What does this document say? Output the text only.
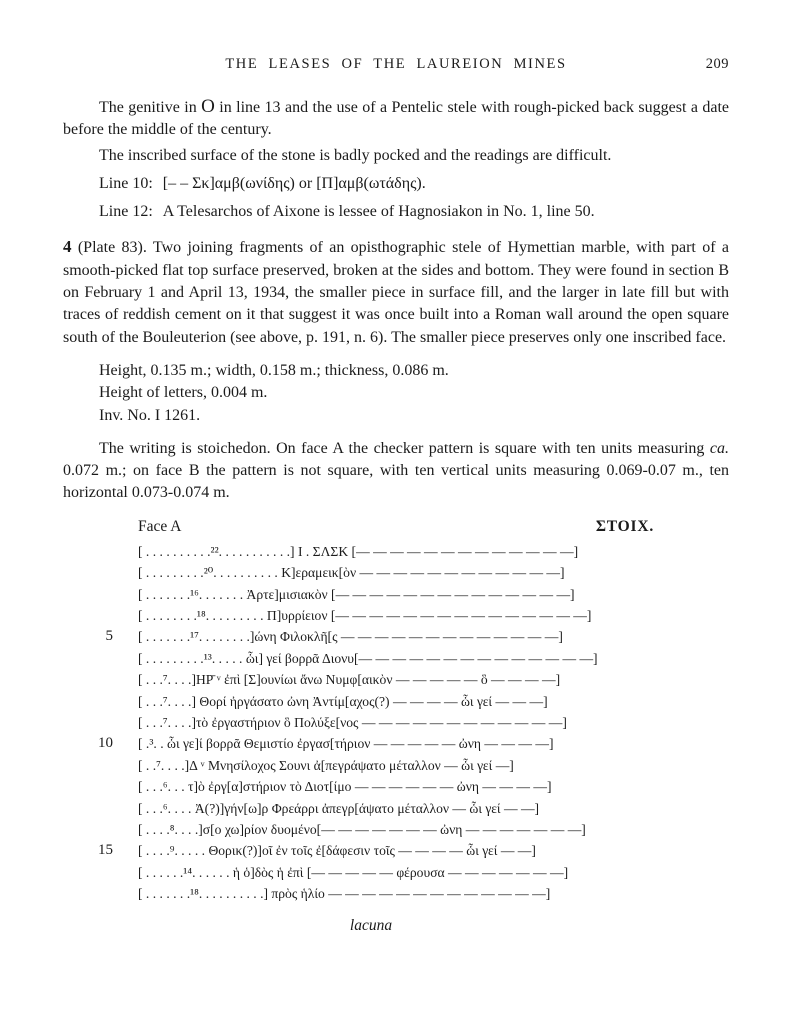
THE LEASES OF THE LAUREION MINES	209

The genitive in Ο in line 13 and the use of a Pentelic stele with rough-picked back suggest a date before the middle of the century.

The inscribed surface of the stone is badly pocked and the readings are difficult.

Line 10: [– – Σκ]αμβ(ωνίδης) or [Π]αμβ(ωτάδης).
Line 12: A Telesarchos of Aixone is lessee of Hagnosiakon in No. 1, line 50.

4 (Plate 83). Two joining fragments of an opisthographic stele of Hymettian marble, with part of a smooth-picked flat top surface preserved, broken at the sides and bottom. They were found in section B on February 1 and April 13, 1934, the smaller piece in surface fill, and the larger in late fill but with traces of reddish cement on it that suggest it was once built into a Roman wall around the open square south of the Bouleuterion (see above, p. 191, n. 6). The smaller piece preserves only one inscribed face.

Height, 0.135 m.; width, 0.158 m.; thickness, 0.086 m.
Height of letters, 0.004 m.
Inv. No. I 1261.

The writing is stoichedon. On face A the checker pattern is square with ten units measuring ca. 0.072 m.; on face B the pattern is not square, with ten vertical units measuring 0.069-0.07 m., ten horizontal 0.073-0.074 m.

Face A	ΣΤΟΙΧ.
[ . . . . . . . . . .²². . . . . . . . . . .] Ι . ΣΛΣΚ [— — — — — — — — — — — — —]
[ . . . . . . . . .²⁰. . . . . . . . . . Κ]εραμεικ[ὸν — — — — — — — — — — — —]
[ . . . . . . .¹⁶. . . . . . . Ἀρτε]μισιακὸν [— — — — — — — — — — — — — —]
[ . . . . . . . .¹⁸. . . . . . . . . Π]υρρίειον [— — — — — — — — — — — — — — —]
5 [ . . . . . . .¹⁷. . . . . . . .]ώνη Φιλοκλῆ[ς — — — — — — — — — — — — —]
[ . . . . . . . . .¹³. . . . . ὧι] γεί βορρᾶ Διονυ[— — — — — — — — — — — — — —]
[ . . .⁷. . . .]ΗΡ̄ ᵛ ἐπὶ [Σ]ουνίωι ἄνω Νυμφ[αικὸν — — — — — ὃ — — — —]
[ . . .⁷. . . .] Θορί ἠργάσατο ὠνη Ἀντίμ[αχος(?) — — — — ὧι γεί — — —]
[ . . .⁷. . . .]τὸ ἐργαστήριον ὃ Πολύξε[νος — — — — — — — — — — — —]
10 [ .³. . ὧι γε]ί βορρᾶ Θεμιστίο ἐργασ[τήριον — — — — — ὠνη — — — —]
[ . .⁷. . . .]Δ ᵛ Μνησίλοχος Σουνι ἀ[πεγράψατο μέταλλον — ὧι γεί —]
[ . . .⁶. . . τ]ὸ ἐργ[α]στήριον τὸ Διοτ[ίμο — — — — — — ὠνη — — — —]
[ . . .⁶. . . . Ἀ(?)]γήν[ω]ρ Φρεάρρι ἀπεγρ[άψατο μέταλλον — ὧι γεί — —]
[ . . . .⁸. . . .]σ[ο χω]ρίον δυομένο[— — — — — — — ὠνη — — — — — — —]
15 [ . . . .⁹. . . . . Θορικ(?)]οῖ ἐν τοῖς ἐ[δάφεσιν τοῖς — — — — ὧι γεί — —]
[ . . . . . .¹⁴. . . . . . ἡ ὁ]δὸς ἡ ἐπὶ [— — — — — φέρουσα — — — — — — —]
[ . . . . . . .¹⁸. . . . . . . . . .] πρὸς ἡλίο — — — — — — — — — — — — —]
lacuna
